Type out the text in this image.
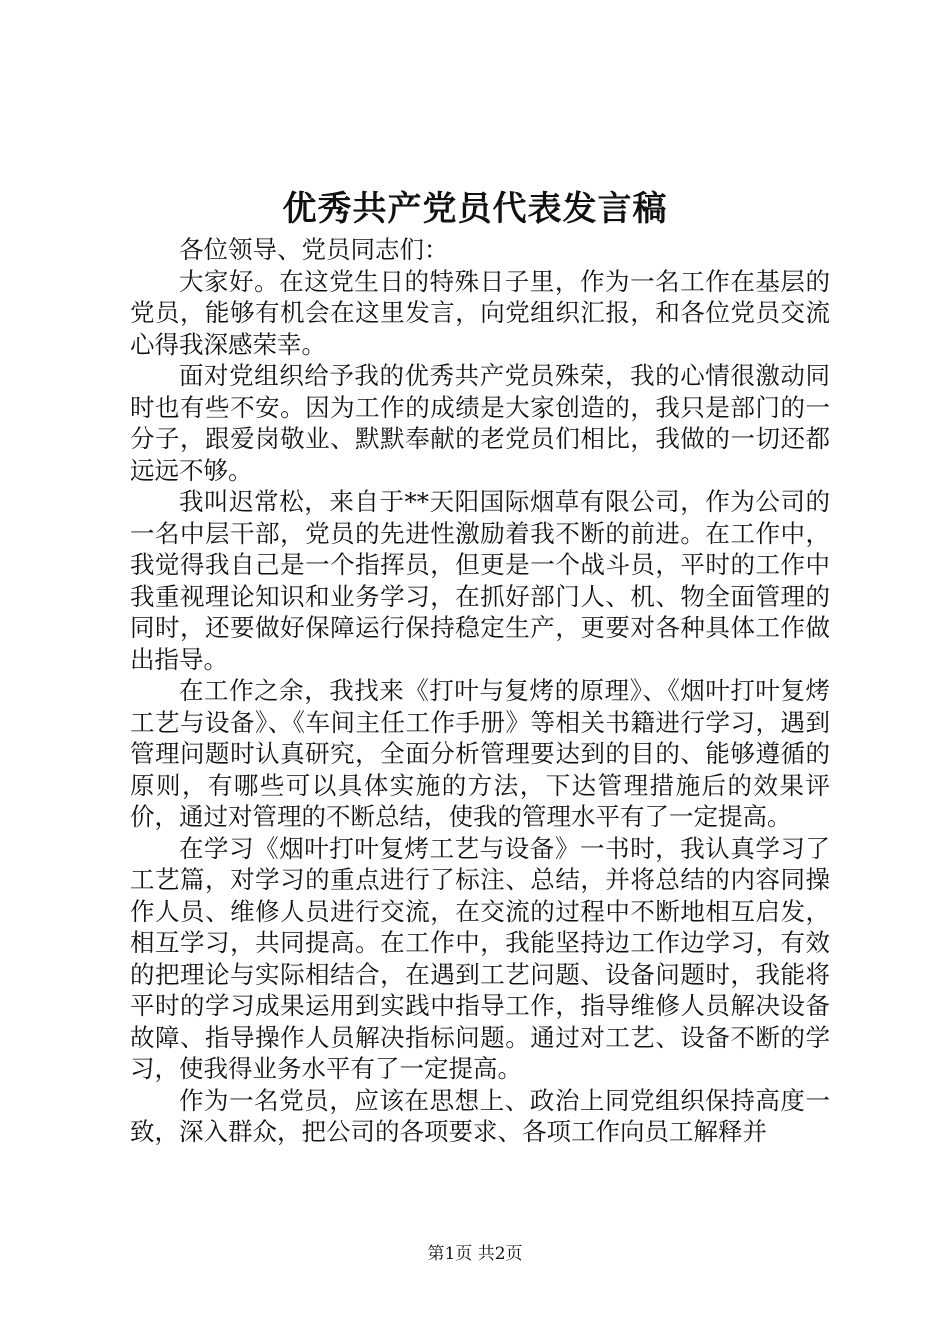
优秀共产党员代表发言稿

各位领导、党员同志们：

大家好。在这党生日的特殊日子里，作为一名工作在基层的党员，能够有机会在这里发言，向党组织汇报，和各位党员交流心得我深感荣幸。

面对党组织给予我的优秀共产党员殊荣，我的心情很激动同时也有些不安。因为工作的成绩是大家创造的，我只是部门的一分子，跟爱岗敬业、默默奉献的老党员们相比，我做的一切还都远远不够。

我叫迟常松，来自于**天阳国际烟草有限公司，作为公司的一名中层干部，党员的先进性激励着我不断的前进。在工作中，我觉得我自己是一个指挥员，但更是一个战斗员，平时的工作中我重视理论知识和业务学习，在抓好部门人、机、物全面管理的同时，还要做好保障运行保持稳定生产，更要对各种具体工作做出指导。

在工作之余，我找来《打叶与复烤的原理》、《烟叶打叶复烤工艺与设备》、《车间主任工作手册》等相关书籍进行学习，遇到管理问题时认真研究，全面分析管理要达到的目的、能够遵循的原则，有哪些可以具体实施的方法，下达管理措施后的效果评价，通过对管理的不断总结，使我的管理水平有了一定提高。

在学习《烟叶打叶复烤工艺与设备》一书时，我认真学习了工艺篇，对学习的重点进行了标注、总结，并将总结的内容同操作人员、维修人员进行交流，在交流的过程中不断地相互启发，相互学习，共同提高。在工作中，我能坚持边工作边学习，有效的把理论与实际相结合，在遇到工艺问题、设备问题时，我能将平时的学习成果运用到实践中指导工作，指导维修人员解决设备故障、指导操作人员解决指标问题。通过对工艺、设备不断的学习，使我得业务水平有了一定提高。

作为一名党员，应该在思想上、政治上同党组织保持高度一致，深入群众，把公司的各项要求、各项工作向员工解释并

第1页 共2页
